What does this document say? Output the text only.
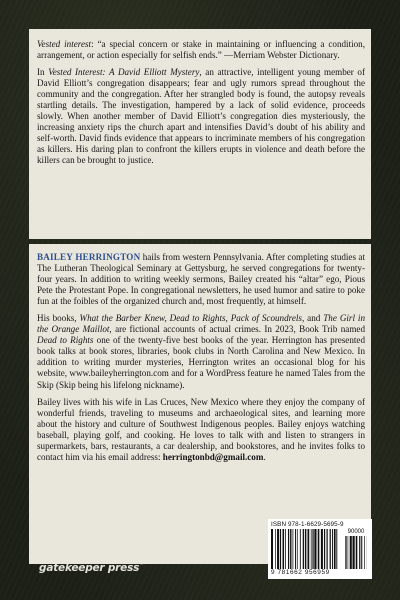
Vested interest: “a special concern or stake in maintaining or influencing a condition, arrangement, or action especially for selfish ends.” —Merriam Webster Dictionary.

In Vested Interest: A David Elliott Mystery, an attractive, intelligent young member of David Elliott’s congregation disappears; fear and ugly rumors spread throughout the community and the congregation. After her strangled body is found, the autopsy reveals startling details. The investigation, hampered by a lack of solid evidence, proceeds slowly. When another member of David Elliott’s congregation dies mysteriously, the increasing anxiety rips the church apart and intensifies David’s doubt of his ability and self-worth. David finds evidence that appears to incriminate members of his congregation as killers. His daring plan to confront the killers erupts in violence and death before the killers can be brought to justice.

BAILEY HERRINGTON hails from western Pennsylvania. After completing studies at The Lutheran Theological Seminary at Gettysburg, he served congregations for twenty-four years. In addition to writing weekly sermons, Bailey created his “altar” ego, Pious Pete the Protestant Pope. In congregational newsletters, he used humor and satire to poke fun at the foibles of the organized church and, most frequently, at himself.

His books, What the Barber Knew, Dead to Rights, Pack of Scoundrels, and The Girl in the Orange Maillot, are fictional accounts of actual crimes. In 2023, Book Trib named Dead to Rights one of the twenty-five best books of the year. Herrington has presented book talks at book stores, libraries, book clubs in North Carolina and New Mexico. In addition to writing murder mysteries, Herrington writes an occasional blog for his website, www.baileyherrington.com and for a WordPress feature he named Tales from the Skip (Skip being his lifelong nickname).

Bailey lives with his wife in Las Cruces, New Mexico where they enjoy the company of wonderful friends, traveling to museums and archaeological sites, and learning more about the history and culture of Southwest Indigenous peoples. Bailey enjoys watching baseball, playing golf, and cooking. He loves to talk with and listen to strangers in supermarkets, bars, restaurants, a car dealership, and bookstores, and he invites folks to contact him via his email address: herringtonbd@gmail.com.

gatekeeper press™
ISBN 978-1-6629-5695-9
90000
9 781662 956959
